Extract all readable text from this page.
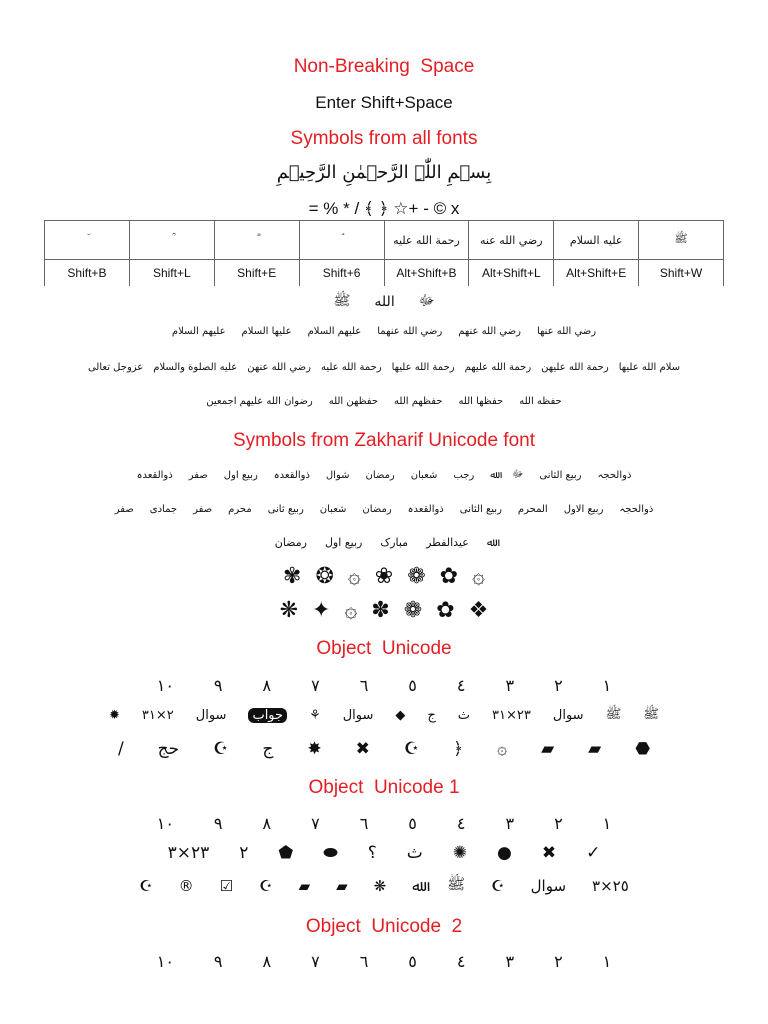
Non-Breaking  Space
Enter Shift+Space
Symbols from all fonts
بِسۡمِ اللّٰہِ الرَّحۡمٰنِ الرَّحِیۡمِ
= % * / ﴾ ﴿ ☆+ - © x
				رحمة الله عليه	رضي الله عنه	عليه السلام	ﷺ
Shift+B	Shift+L	Shift+E	Shift+6	Alt+Shift+B	Alt+Shift+L	Alt+Shift+E	Shift+W
ﷻ
الله
ﷺ
رضي الله عنها
رضي الله عنهم
رضي الله عنهما
عليهم السلام
عليها السلام
عليهم السلام
سلام الله عليها
رحمة الله عليهن
رحمة الله عليهم
رحمة الله عليها
رحمة الله عليه
رضي الله عنهن
عليه الصلوة والسلام
عزوجل تعالى
حفظه الله
حفظها الله
حفظهم الله
حفظهن الله
رضوان الله عليهم اجمعين
Symbols from Zakharif Unicode font
ذوالحجہ
ربیع الثانی
ﷻ
ﷲ
رجب
شعبان
رمضان
شوال
ذوالقعدہ
ربیع اول
صفر
ذوالقعدہ
ذوالحجہ
ربیع الاول
المحرم
ربیع الثانی
ذوالقعدہ
رمضان
شعبان
ربیع ثانی
محرم
صفر
جمادی
صفر
ﷲ
عیدالفطر
مبارک
ربیع اول
رمضان
۞
✿
❁
❀
۞
❂
✾
❖
✿
❁
✽
۞
✦
❋
Object  Unicode
١
٢
٣
٤
٥
٦
٧
٨
٩
١٠
ﷺ
ﷺ
سوال
٢٣×٣١
ث
ج
◆
سوال
⚘
جواب
سوال
٢×٣١
✹
⬣
▰
▰
۞
﴿
☪
✖
✸
ج
☪
حج
/
Object  Unicode 1
١
٢
٣
٤
٥
٦
٧
٨
٩
١٠
✓
✖
●
✺
ث
؟
⬬
⬟
٢
٢٣×٣
٢٥×٣
سوال
☪
ﷺ
ﷲ
❋
▰
▰
☪
☑
®
☪
Object  Unicode  2
١
٢
٣
٤
٥
٦
٧
٨
٩
١٠
